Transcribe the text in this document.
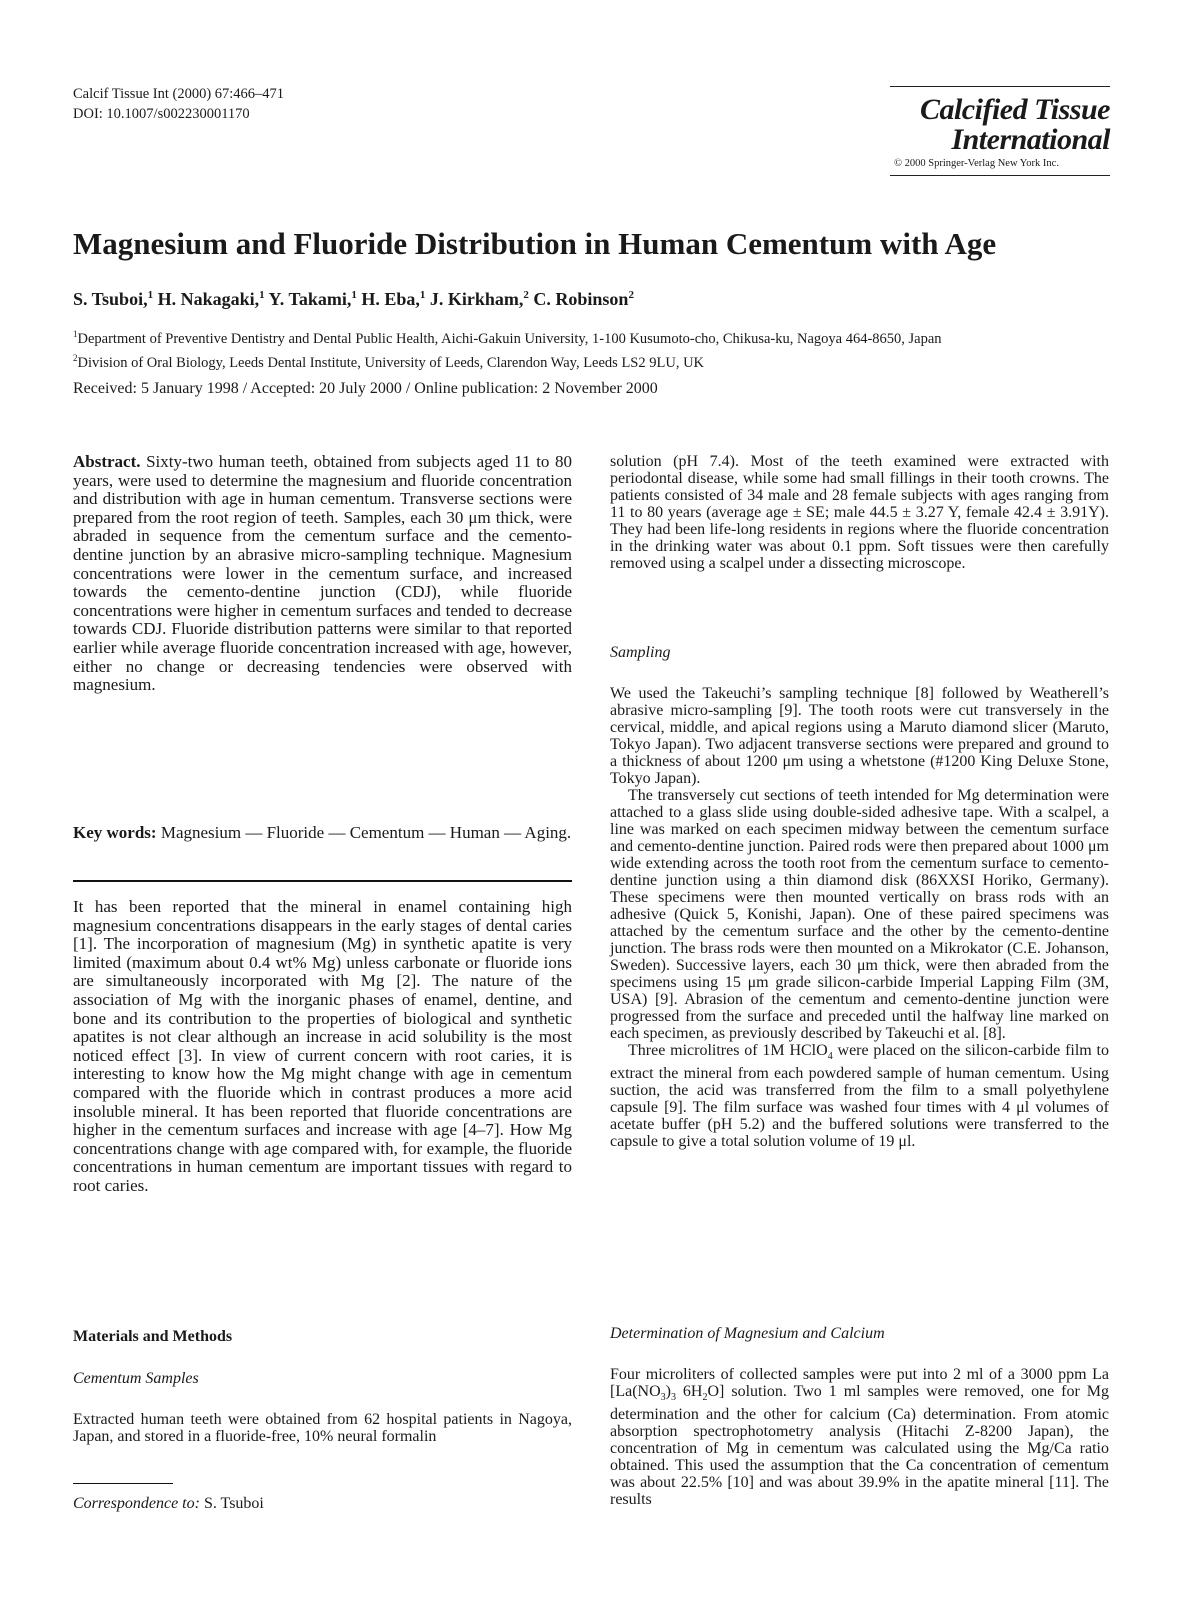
Calcif Tissue Int (2000) 67:466–471
DOI: 10.1007/s002230001170	Calcified Tissue
International
© 2000 Springer-Verlag New York Inc.
Magnesium and Fluoride Distribution in Human Cementum with Age
S. Tsuboi,$^1$ H. Nakagaki,$^1$ Y. Takami,$^1$ H. Eba,$^1$ J. Kirkham,$^2$ C. Robinson$^2$
$^1$Department of Preventive Dentistry and Dental Public Health, Aichi-Gakuin University, 1-100 Kusumoto-cho, Chikusa-ku, Nagoya 464-8650, Japan
$^2$Division of Oral Biology, Leeds Dental Institute, University of Leeds, Clarendon Way, Leeds LS2 9LU, UK
Received: 5 January 1998 / Accepted: 20 July 2000 / Online publication: 2 November 2000

Abstract. Sixty-two human teeth, obtained from subjects aged 11 to 80 years, were used to determine the magnesium and fluoride concentration and distribution with age in human cementum. Transverse sections were prepared from the root region of teeth. Samples, each 30 μm thick, were abraded in sequence from the cementum surface and the cemento-dentine junction by an abrasive micro-sampling technique. Magnesium concentrations were lower in the cementum surface, and increased towards the cemento-dentine junction (CDJ), while fluoride concentrations were higher in cementum surfaces and tended to decrease towards CDJ. Fluoride distribution patterns were similar to that reported earlier while average fluoride concentration increased with age, however, either no change or decreasing tendencies were observed with magnesium.

Key words: Magnesium — Fluoride — Cementum — Human — Aging.

It has been reported that the mineral in enamel containing high magnesium concentrations disappears in the early stages of dental caries [1]. The incorporation of magnesium (Mg) in synthetic apatite is very limited (maximum about 0.4 wt% Mg) unless carbonate or fluoride ions are simultaneously incorporated with Mg [2]. The nature of the association of Mg with the inorganic phases of enamel, dentine, and bone and its contribution to the properties of biological and synthetic apatites is not clear although an increase in acid solubility is the most noticed effect [3]. In view of current concern with root caries, it is interesting to know how the Mg might change with age in cementum compared with the fluoride which in contrast produces a more acid insoluble mineral. It has been reported that fluoride concentrations are higher in the cementum surfaces and increase with age [4–7]. How Mg concentrations change with age compared with, for example, the fluoride concentrations in human cementum are important tissues with regard to root caries.

Materials and Methods
Cementum Samples

Extracted human teeth were obtained from 62 hospital patients in Nagoya, Japan, and stored in a fluoride-free, 10% neural formalin

Correspondence to: S. Tsuboi

solution (pH 7.4). Most of the teeth examined were extracted with periodontal disease, while some had small fillings in their tooth crowns. The patients consisted of 34 male and 28 female subjects with ages ranging from 11 to 80 years (average age ± SE; male 44.5 ± 3.27 Y, female 42.4 ± 3.91Y). They had been life-long residents in regions where the fluoride concentration in the drinking water was about 0.1 ppm. Soft tissues were then carefully removed using a scalpel under a dissecting microscope.

Sampling

We used the Takeuchi’s sampling technique [8] followed by Weatherell’s abrasive micro-sampling [9]. The tooth roots were cut transversely in the cervical, middle, and apical regions using a Maruto diamond slicer (Maruto, Tokyo Japan). Two adjacent transverse sections were prepared and ground to a thickness of about 1200 μm using a whetstone (#1200 King Deluxe Stone, Tokyo Japan).

The transversely cut sections of teeth intended for Mg determination were attached to a glass slide using double-sided adhesive tape. With a scalpel, a line was marked on each specimen midway between the cementum surface and cemento-dentine junction. Paired rods were then prepared about 1000 μm wide extending across the tooth root from the cementum surface to cemento-dentine junction using a thin diamond disk (86XXSI Horiko, Germany). These specimens were then mounted vertically on brass rods with an adhesive (Quick 5, Konishi, Japan). One of these paired specimens was attached by the cementum surface and the other by the cemento-dentine junction. The brass rods were then mounted on a Mikrokator (C.E. Johanson, Sweden). Successive layers, each 30 μm thick, were then abraded from the specimens using 15 μm grade silicon-carbide Imperial Lapping Film (3M, USA) [9]. Abrasion of the cementum and cemento-dentine junction were progressed from the surface and preceded until the halfway line marked on each specimen, as previously described by Takeuchi et al. [8].

Three microlitres of 1M HClO$_4$ were placed on the silicon-carbide film to extract the mineral from each powdered sample of human cementum. Using suction, the acid was transferred from the film to a small polyethylene capsule [9]. The film surface was washed four times with 4 μl volumes of acetate buffer (pH 5.2) and the buffered solutions were transferred to the capsule to give a total solution volume of 19 μl.

Determination of Magnesium and Calcium

Four microliters of collected samples were put into 2 ml of a 3000 ppm La [$La(NO_3)_3$ $6H_2O$] solution. Two 1 ml samples were removed, one for Mg determination and the other for calcium (Ca) determination. From atomic absorption spectrophotometry analysis (Hitachi Z-8200 Japan), the concentration of Mg in cementum was calculated using the Mg/Ca ratio obtained. This used the assumption that the Ca concentration of cementum was about 22.5% [10] and was about 39.9% in the apatite mineral [11]. The results
